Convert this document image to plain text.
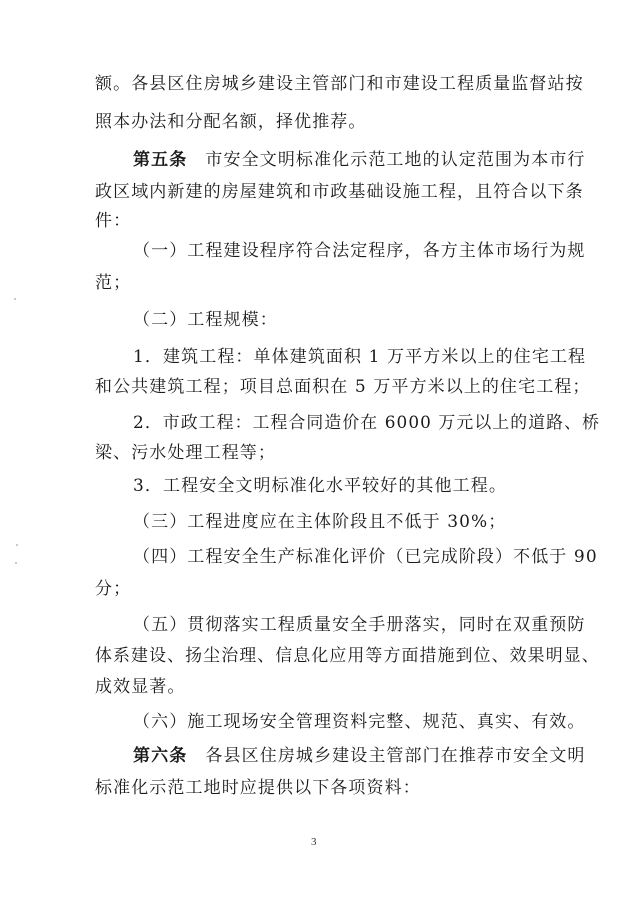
额。各县区住房城乡建设主管部门和市建设工程质量监督站按
照本办法和分配名额，择优推荐。
第五条　 市安全文明标准化示范工地的认定范围为本市行
政区域内新建的房屋建筑和市政基础设施工程，且符合以下条
件：
（一）工程建设程序符合法定程序，各方主体市场行为规
范；
（二）工程规模：
1．建筑工程：单体建筑面积 1 万平方米以上的住宅工程
和公共建筑工程；项目总面积在 5 万平方米以上的住宅工程；
2．市政工程：工程合同造价在 6000 万元以上的道路、桥
梁、污水处理工程等；
3．工程安全文明标准化水平较好的其他工程。
（三）工程进度应在主体阶段且不低于 30%；
（四）工程安全生产标准化评价（已完成阶段）不低于 90
分；
（五）贯彻落实工程质量安全手册落实，同时在双重预防
体系建设、扬尘治理、信息化应用等方面措施到位、效果明显、
成效显著。
（六）施工现场安全管理资料完整、规范、真实、有效。
第六条　 各县区住房城乡建设主管部门在推荐市安全文明
标准化示范工地时应提供以下各项资料：
3
